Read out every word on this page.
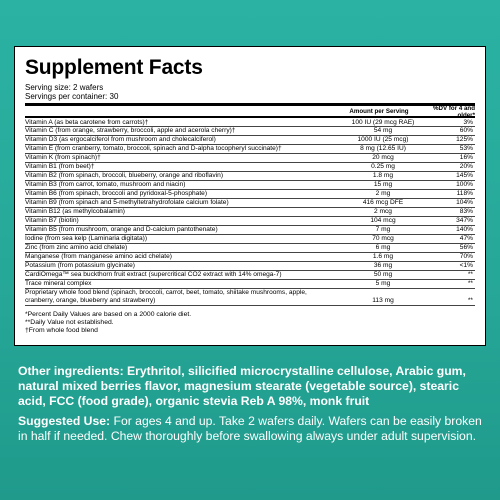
Supplement Facts
Serving size: 2 wafers
Servings per container: 30
Amount per Serving	%DV for 4 and older*
Vitamin A (as beta carotene from carrots)†	100 IU (29 mcg RAE)	3%
Vitamin C (from orange, strawberry, broccoli, apple and acerola cherry)†	54 mg	60%
Vitamin D3 (as ergocalciferol from mushroom and cholecalciferol)	1000 IU (25 mcg)	125%
Vitamin E (from cranberry, tomato, broccoli, spinach and D-alpha tocopheryl succinate)†	8 mg (12.65 IU)	53%
Vitamin K (from spinach)†	20 mcg	16%
Vitamin B1 (from beet)†	0.25 mg	20%
Vitamin B2 (from spinach, broccoli, blueberry, orange and riboflavin)	1.8 mg	145%
Vitamin B3 (from carrot, tomato, mushroom and niacin)	15 mg	100%
Vitamin B6 (from spinach, broccoli and pyridoxal-5-phosphate)	2 mg	118%
Vitamin B9 (from spinach and 5-methyltetrahydrofolate calcium folate)	416 mcg DFE	104%
Vitamin B12 (as methylcobalamin)	2 mcg	83%
Vitamin B7 (biotin)	104 mcg	347%
Vitamin B5 (from mushroom, orange and D-calcium pantothenate)	7 mg	140%
Iodine (from sea kelp (Laminaria digitata))	70 mcg	47%
Zinc (from zinc amino acid chelate)	6 mg	56%
Manganese (from manganese amino acid chelate)	1.6 mg	70%
Potassium (from potassium glycinate)	36 mg	<1%
CardiOmega™ sea buckthorn fruit extract (supercritical CO2 extract with 14% omega-7)	50 mg	**
Trace mineral complex	5 mg	**
Proprietary whole food blend (spinach, broccoli, carrot, beet, tomato, shiitake mushrooms, apple, cranberry, orange, blueberry and strawberry)	113 mg	**
*Percent Daily Values are based on a 2000 calorie diet.
**Daily Value not established.
†From whole food blend
Other ingredients: Erythritol, silicified microcrystalline cellulose, Arabic gum, natural mixed berries flavor, magnesium stearate (vegetable source), stearic acid, FCC (food grade), organic stevia Reb A 98%, monk fruit
Suggested Use: For ages 4 and up. Take 2 wafers daily. Wafers can be easily broken in half if needed. Chew thoroughly before swallowing always under adult supervision.
